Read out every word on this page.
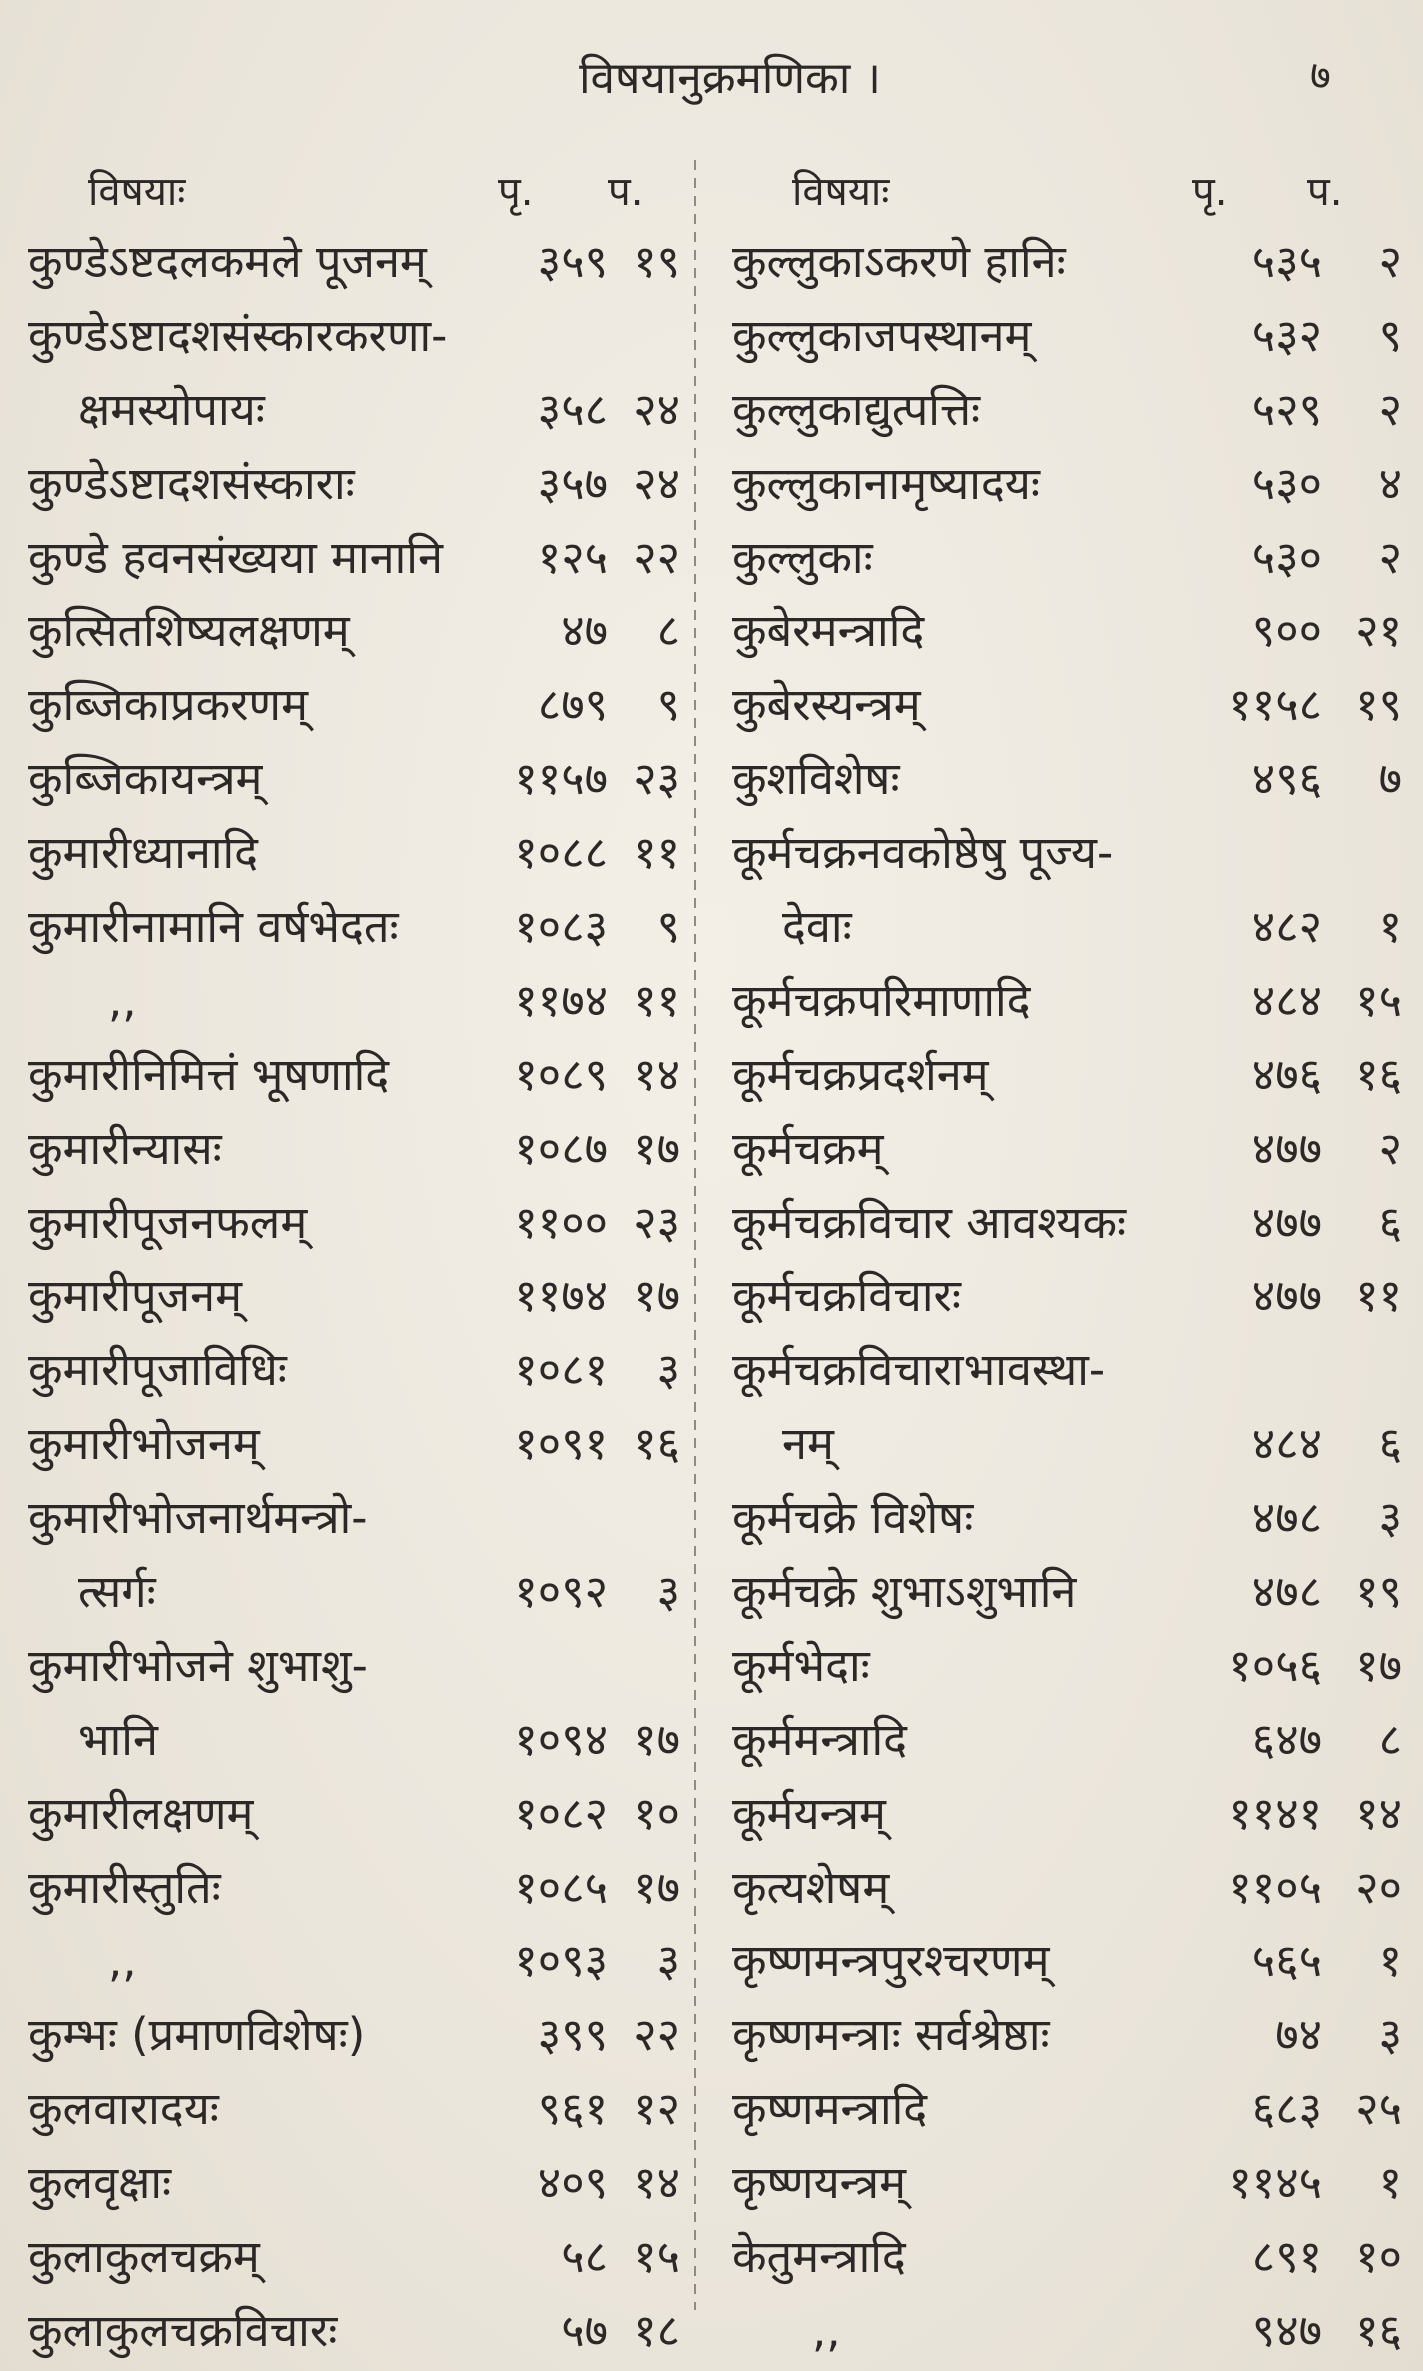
विषयानुक्रमणिका ।	७
विषयाः	पृ. प.
कुण्डेऽष्टदलकमले पूजनम्	३५९ १९
कुण्डेऽष्टादशसंस्कारकरणा-
क्षमस्योपायः	३५८ २४
कुण्डेऽष्टादशसंस्काराः	३५७ २४
कुण्डे हवनसंख्यया मानानि	१२५ २२
कुत्सितशिष्यलक्षणम्	४७	८
कुब्जिकाप्रकरणम्	८७९	९
कुब्जिकायन्त्रम्	११५७ २३
कुमारीध्यानादि	१०८८ ११
कुमारीनामानि वर्षभेदतः	१०८३	९
,,	११७४ ११
कुमारीनिमित्तं भूषणादि	१०८९ १४
कुमारीन्यासः	१०८७ १७
कुमारीपूजनफलम्	११०० २३
कुमारीपूजनम्	११७४ १७
कुमारीपूजाविधिः	१०८१	३
कुमारीभोजनम्	१०९१ १६
कुमारीभोजनार्थमन्त्रो-
त्सर्गः	१०९२	३
कुमारीभोजने शुभाशु-
भानि	१०९४ १७
कुमारीलक्षणम्	१०८२ १०
कुमारीस्तुतिः	१०८५ १७
,,	१०९३	३
कुम्भः (प्रमाणविशेषः)	३९९ २२
कुलवारादयः	९६१ १२
कुलवृक्षाः	४०९ १४
कुलाकुलचक्रम्	५८ १५
कुलाकुलचक्रविचारः	५७ १८
विषयाः	पृ. प.
कुल्लुकाऽकरणे हानिः	५३५	२
कुल्लुकाजपस्थानम्	५३२	९
कुल्लुकाद्युत्पत्तिः	५२९	२
कुल्लुकानामृष्यादयः	५३०	४
कुल्लुकाः	५३०	२
कुबेरमन्त्रादि	९०० २१
कुबेरस्यन्त्रम्	११५८ १९
कुशविशेषः	४९६	७
कूर्मचक्रनवकोष्ठेषु पूज्य-
देवाः	४८२	१
कूर्मचक्रपरिमाणादि	४८४ १५
कूर्मचक्रप्रदर्शनम्	४७६ १६
कूर्मचक्रम्	४७७	२
कूर्मचक्रविचार आवश्यकः	४७७	६
कूर्मचक्रविचारः	४७७ ११
कूर्मचक्रविचाराभावस्था-
नम्	४८४	६
कूर्मचक्रे विशेषः	४७८	३
कूर्मचक्रे शुभाऽशुभानि	४७८ १९
कूर्मभेदाः	१०५६ १७
कूर्ममन्त्रादि	६४७	८
कूर्मयन्त्रम्	११४१ १४
कृत्यशेषम्	११०५ २०
कृष्णमन्त्रपुरश्चरणम्	५६५	१
कृष्णमन्त्राः सर्वश्रेष्ठाः	७४	३
कृष्णमन्त्रादि	६८३ २५
कृष्णयन्त्रम्	११४५	१
केतुमन्त्रादि	८९१ १०
,,	९४७ १६
